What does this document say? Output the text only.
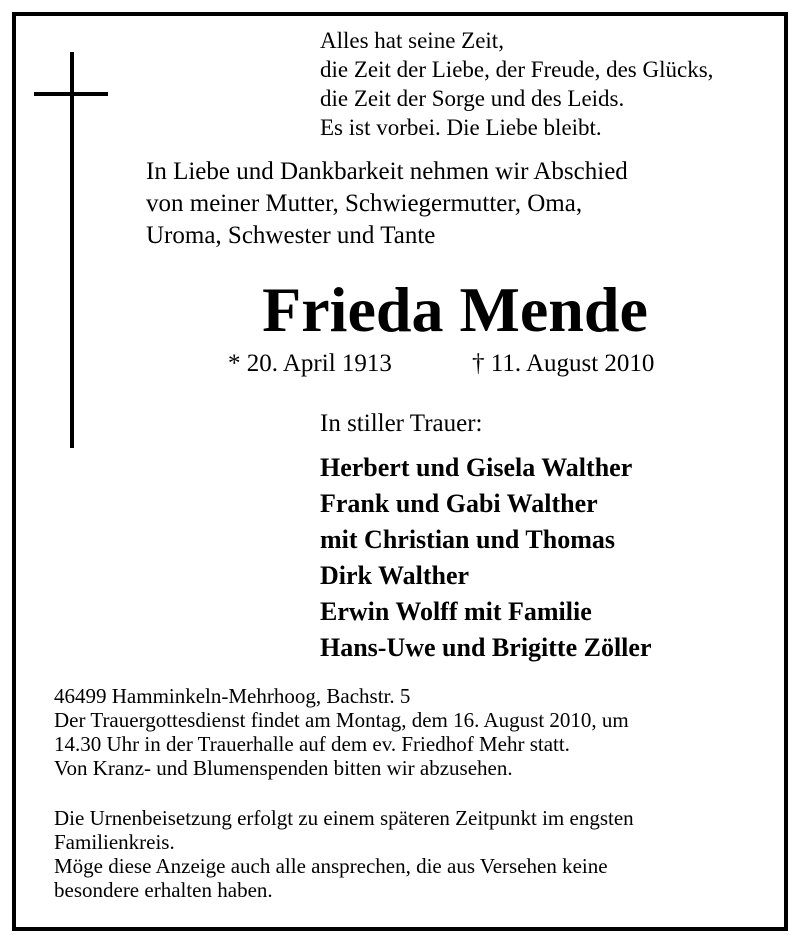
Alles hat seine Zeit,
die Zeit der Liebe, der Freude, des Glücks,
die Zeit der Sorge und des Leids.
Es ist vorbei. Die Liebe bleibt.
In Liebe und Dankbarkeit nehmen wir Abschied
von meiner Mutter, Schwiegermutter, Oma,
Uroma, Schwester und Tante
Frieda Mende
* 20. April 1913	† 11. August 2010
In stiller Trauer:
Herbert und Gisela Walther
Frank und Gabi Walther
mit Christian und Thomas
Dirk Walther
Erwin Wolff mit Familie
Hans-Uwe und Brigitte Zöller
46499 Hamminkeln-Mehrhoog, Bachstr. 5
Der Trauergottesdienst findet am Montag, dem 16. August 2010, um
14.30 Uhr in der Trauerhalle auf dem ev. Friedhof Mehr statt.
Von Kranz- und Blumenspenden bitten wir abzusehen.
Die Urnenbeisetzung erfolgt zu einem späteren Zeitpunkt im engsten
Familienkreis.
Möge diese Anzeige auch alle ansprechen, die aus Versehen keine
besondere erhalten haben.
